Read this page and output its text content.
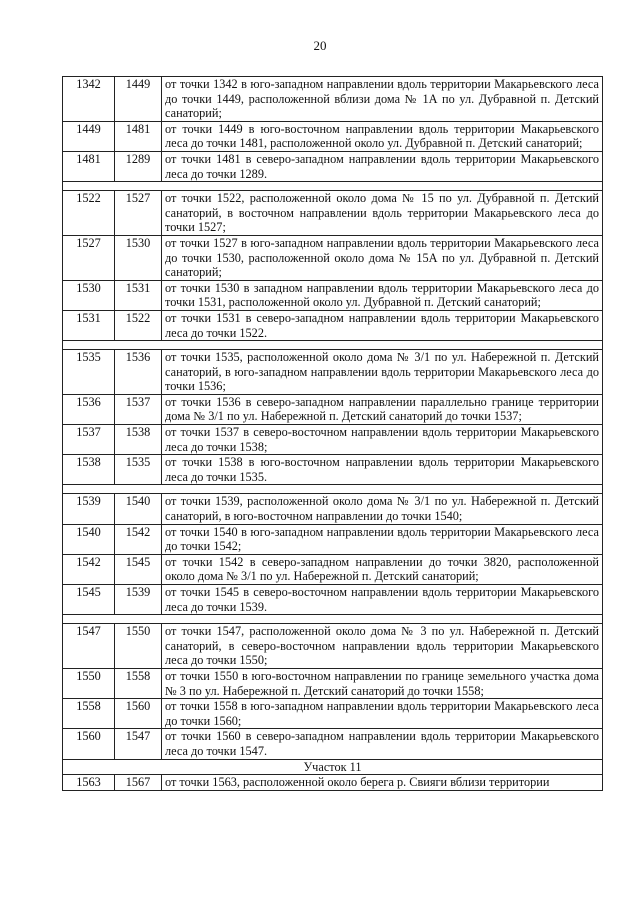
20
1342	1449	от точки 1342 в юго-западном направлении вдоль территории Макарьевского леса до точки 1449, расположенной вблизи дома № 1А по ул. Дубравной п. Детский санаторий;
1449	1481	от точки 1449 в юго-восточном направлении вдоль территории Макарьевского леса до точки 1481, расположенной около ул. Дубравной п. Детский санаторий;
1481	1289	от точки 1481 в северо-западном направлении вдоль территории Макарьевского леса до точки 1289.

1522	1527	от точки 1522, расположенной около дома № 15 по ул. Дубравной п. Детский санаторий, в восточном направлении вдоль территории Макарьевского леса до точки 1527;
1527	1530	от точки 1527 в юго-западном направлении вдоль территории Макарьевского леса до точки 1530, расположенной около дома № 15А по ул. Дубравной п. Детский санаторий;
1530	1531	от точки 1530 в западном направлении вдоль территории Макарьевского леса до точки 1531, расположенной около ул. Дубравной п. Детский санаторий;
1531	1522	от точки 1531 в северо-западном направлении вдоль территории Макарьевского леса до точки 1522.

1535	1536	от точки 1535, расположенной около дома № 3/1 по ул. Набережной п. Детский санаторий, в юго-западном направлении вдоль территории Макарьевского леса до точки 1536;
1536	1537	от точки 1536 в северо-западном направлении параллельно границе территории дома № 3/1 по ул. Набережной п. Детский санаторий до точки 1537;
1537	1538	от точки 1537 в северо-восточном направлении вдоль территории Макарьевского леса до точки 1538;
1538	1535	от точки 1538 в юго-восточном направлении вдоль территории Макарьевского леса до точки 1535.

1539	1540	от точки 1539, расположенной около дома № 3/1 по ул. Набережной п. Детский санаторий, в юго-восточном направлении до точки 1540;
1540	1542	от точки 1540 в юго-западном направлении вдоль территории Макарьевского леса до точки 1542;
1542	1545	от точки 1542 в северо-западном направлении до точки 3820, расположенной около дома № 3/1 по ул. Набережной п. Детский санаторий;
1545	1539	от точки 1545 в северо-восточном направлении вдоль территории Макарьевского леса до точки 1539.

1547	1550	от точки 1547, расположенной около дома № 3 по ул. Набережной п. Детский санаторий, в северо-восточном направлении вдоль территории Макарьевского леса до точки 1550;
1550	1558	от точки 1550 в юго-восточном направлении по границе земельного участка дома № 3 по ул. Набережной п. Детский санаторий до точки 1558;
1558	1560	от точки 1558 в юго-западном направлении вдоль территории Макарьевского леса до точки 1560;
1560	1547	от точки 1560 в северо-западном направлении вдоль территории Макарьевского леса до точки 1547.
Участок 11		
1563	1567	от точки 1563, расположенной около берега р. Свияги вблизи территории
